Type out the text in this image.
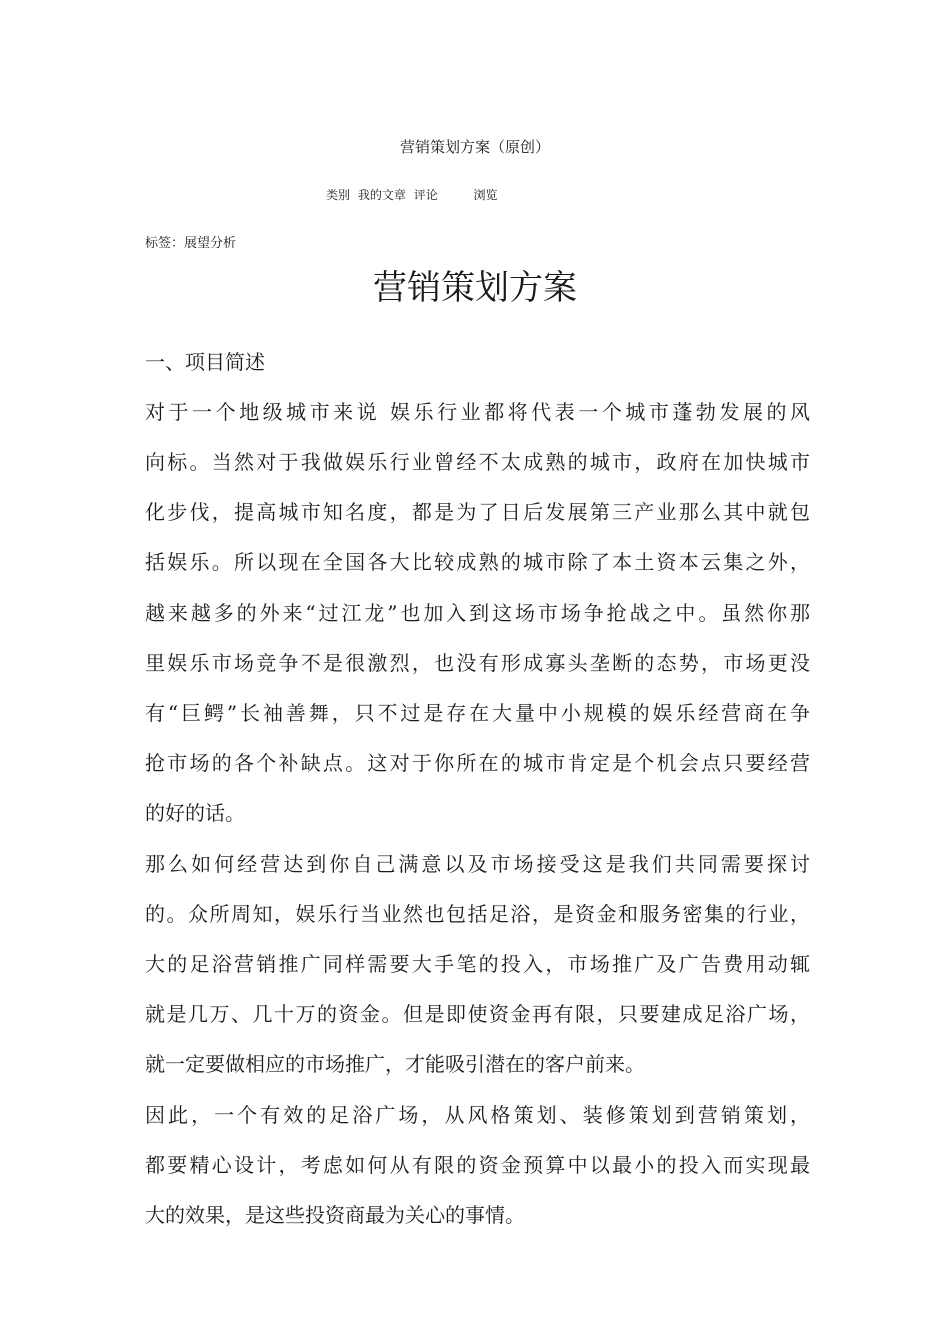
营销策划方案（原创）
类别 我的文章 评论	浏览
标签：展望分析
营销策划方案
一、项目简述
对于一个地级城市来说 娱乐行业都将代表一个城市蓬勃发展的风
向标。当然对于我做娱乐行业曾经不太成熟的城市，政府在加快城市
化步伐，提高城市知名度，都是为了日后发展第三产业那么其中就包
括娱乐。所以现在全国各大比较成熟的城市除了本土资本云集之外，
越来越多的外来“过江龙”也加入到这场市场争抢战之中。虽然你那
里娱乐市场竞争不是很激烈，也没有形成寡头垄断的态势，市场更没
有“巨鳄”长袖善舞，只不过是存在大量中小规模的娱乐经营商在争
抢市场的各个补缺点。这对于你所在的城市肯定是个机会点只要经营
的好的话。
那么如何经营达到你自己满意以及市场接受这是我们共同需要探讨
的。众所周知，娱乐行当业然也包括足浴，是资金和服务密集的行业，
大的足浴营销推广同样需要大手笔的投入，市场推广及广告费用动辄
就是几万、几十万的资金。但是即使资金再有限，只要建成足浴广场，
就一定要做相应的市场推广，才能吸引潜在的客户前来。
因此，一个有效的足浴广场，从风格策划、装修策划到营销策划，
都要精心设计，考虑如何从有限的资金预算中以最小的投入而实现最
大的效果，是这些投资商最为关心的事情。
